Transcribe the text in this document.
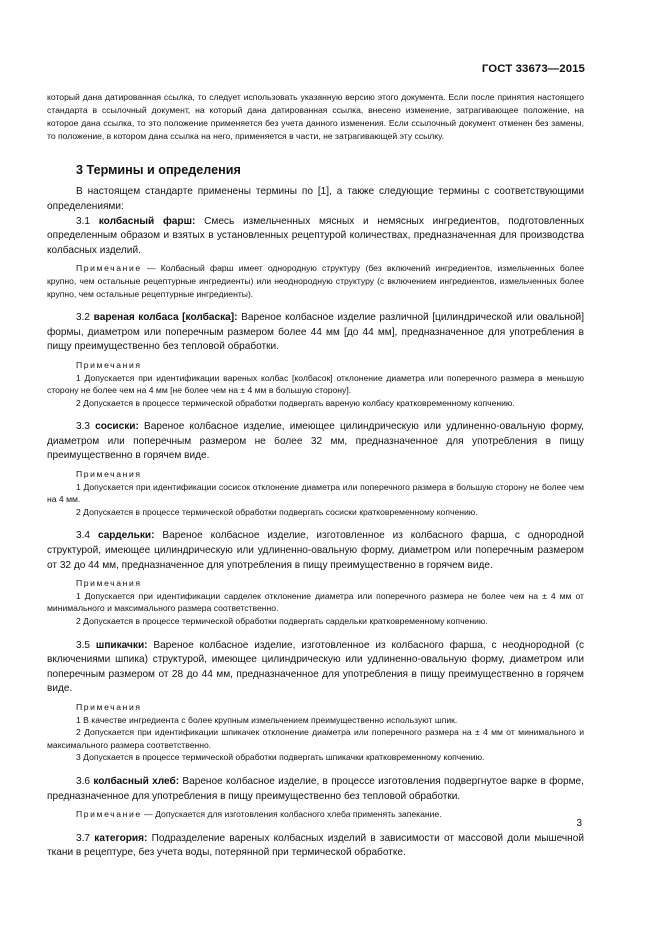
ГОСТ 33673—2015

который дана датированная ссылка, то следует использовать указанную версию этого документа. Если после принятия настоящего стандарта в ссылочный документ, на который дана датированная ссылка, внесено изменение, затрагивающее положение, на которое дана ссылка, то это положение применяется без учета данного изменения. Если ссылочный документ отменен без замены, то положение, в котором дана ссылка на него, применяется в части, не затрагивающей эту ссылку.

3 Термины и определения

В настоящем стандарте применены термины по [1], а также следующие термины с соответствующими определениями:

3.1 колбасный фарш: Смесь измельченных мясных и немясных ингредиентов, подготовленных определенным образом и взятых в установленных рецептурой количествах, предназначенная для производства колбасных изделий.

Примечание — Колбасный фарш имеет однородную структуру (без включений ингредиентов, измельченных более крупно, чем остальные рецептурные ингредиенты) или неоднородную структуру (с включением ингредиентов, измельченных более крупно, чем остальные рецептурные ингредиенты).

3.2 вареная колбаса [колбаска]: Вареное колбасное изделие различной [цилиндрической или овальной] формы, диаметром или поперечным размером более 44 мм [до 44 мм], предназначенное для употребления в пищу преимущественно без тепловой обработки.

Примечания

1 Допускается при идентификации вареных колбас [колбасок] отклонение диаметра или поперечного размера в меньшую сторону не более чем на 4 мм [не более чем на ± 4 мм в большую сторону].

2 Допускается в процессе термической обработки подвергать вареную колбасу кратковременному копчению.

3.3 сосиски: Вареное колбасное изделие, имеющее цилиндрическую или удлиненно-овальную форму, диаметром или поперечным размером не более 32 мм, предназначенное для употребления в пищу преимущественно в горячем виде.

Примечания

1 Допускается при идентификации сосисок отклонение диаметра или поперечного размера в большую сторону не более чем на 4 мм.

2 Допускается в процессе термической обработки подвергать сосиски кратковременному копчению.

3.4 сардельки: Вареное колбасное изделие, изготовленное из колбасного фарша, с однородной структурой, имеющее цилиндрическую или удлиненно-овальную форму, диаметром или поперечным размером от 32 до 44 мм, предназначенное для употребления в пищу преимущественно в горячем виде.

Примечания

1 Допускается при идентификации сарделек отклонение диаметра или поперечного размера не более чем на ± 4 мм от минимального и максимального размера соответственно.

2 Допускается в процессе термической обработки подвергать сардельки кратковременному копчению.

3.5 шпикачки: Вареное колбасное изделие, изготовленное из колбасного фарша, с неоднородной (с включениями шпика) структурой, имеющее цилиндрическую или удлиненно-овальную форму, диаметром или поперечным размером от 28 до 44 мм, предназначенное для употребления в пищу преимущественно в горячем виде.

Примечания

1 В качестве ингредиента с более крупным измельчением преимущественно используют шпик.

2 Допускается при идентификации шпикачек отклонение диаметра или поперечного размера на ± 4 мм от минимального и максимального размера соответственно.

3 Допускается в процессе термической обработки подвергать шпикачки кратковременному копчению.

3.6 колбасный хлеб: Вареное колбасное изделие, в процессе изготовления подвергнутое варке в форме, предназначенное для употребления в пищу преимущественно без тепловой обработки.

Примечание — Допускается для изготовления колбасного хлеба применять запекание.

3.7 категория: Подразделение вареных колбасных изделий в зависимости от массовой доли мышечной ткани в рецептуре, без учета воды, потерянной при термической обработке.

3
